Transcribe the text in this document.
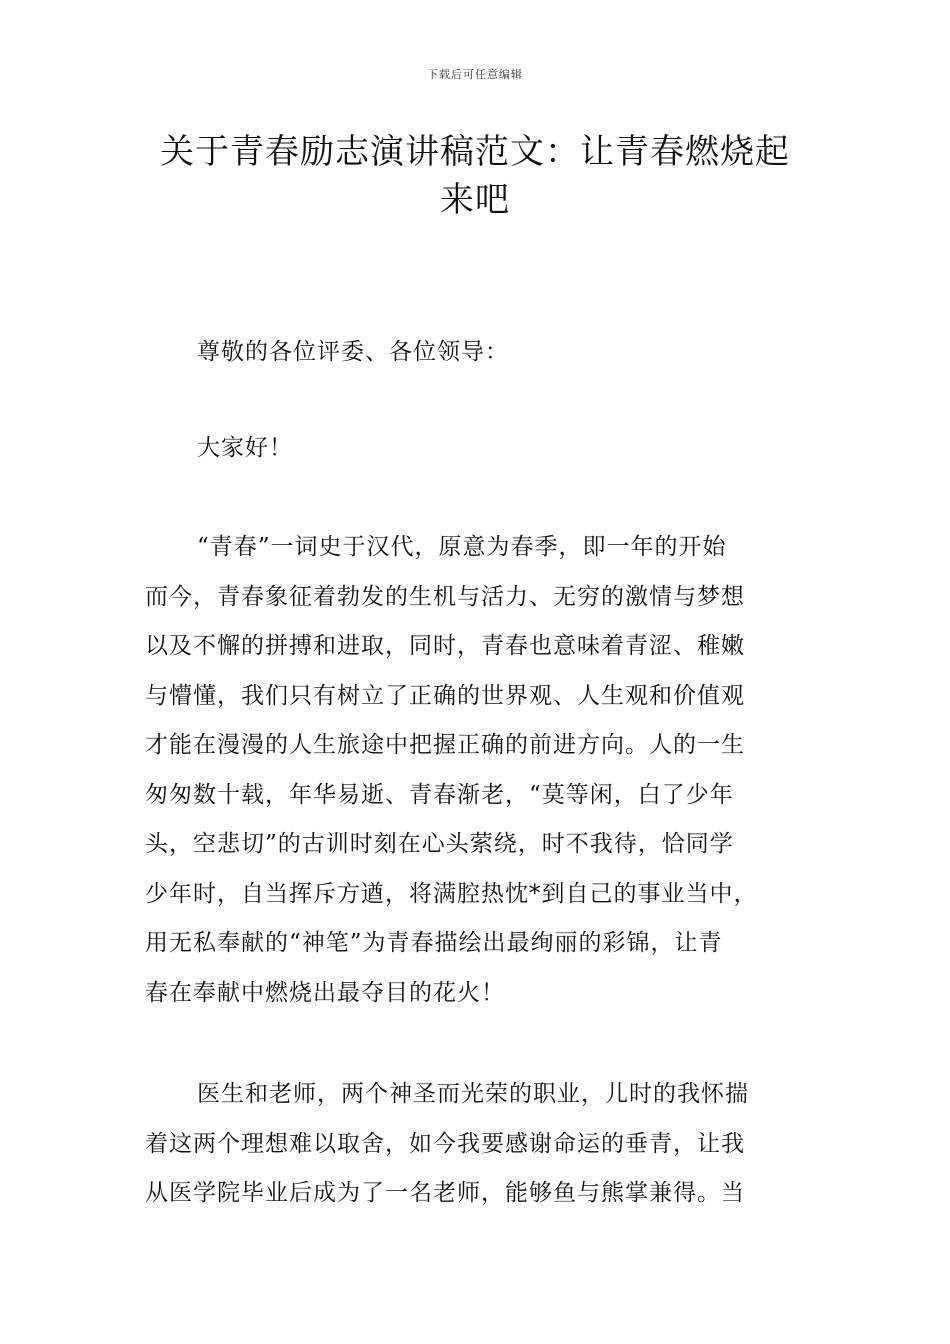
下载后可任意编辑
关于青春励志演讲稿范文：让青春燃烧起
来吧

尊敬的各位评委、各位领导：

大家好！

“青春”一词史于汉代，原意为春季，即一年的开始
而今，青春象征着勃发的生机与活力、无穷的激情与梦想
以及不懈的拼搏和进取，同时，青春也意味着青涩、稚嫩
与懵懂，我们只有树立了正确的世界观、人生观和价值观
才能在漫漫的人生旅途中把握正确的前进方向。人的一生
匆匆数十载，年华易逝、青春渐老，“莫等闲，白了少年
头，空悲切”的古训时刻在心头萦绕，时不我待，恰同学
少年时，自当挥斥方遒，将满腔热忱*到自己的事业当中，
用无私奉献的“神笔”为青春描绘出最绚丽的彩锦，让青
春在奉献中燃烧出最夺目的花火！

医生和老师，两个神圣而光荣的职业，儿时的我怀揣
着这两个理想难以取舍，如今我要感谢命运的垂青，让我
从医学院毕业后成为了一名老师，能够鱼与熊掌兼得。当
